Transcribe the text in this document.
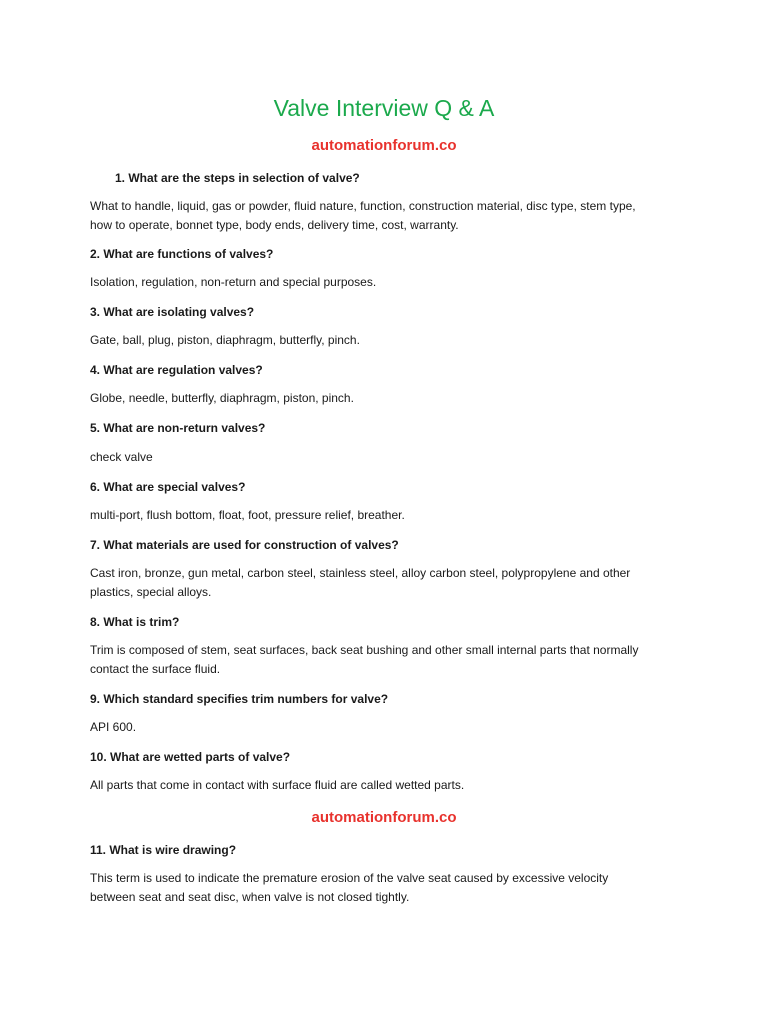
Valve Interview Q & A
automationforum.co
1. What are the steps in selection of valve?
What to handle, liquid, gas or powder, fluid nature, function, construction material, disc type, stem type,
how to operate, bonnet type, body ends, delivery time, cost, warranty.
2. What are functions of valves?
Isolation, regulation, non-return and special purposes.
3. What are isolating valves?
Gate, ball, plug, piston, diaphragm, butterfly, pinch.
4. What are regulation valves?
Globe, needle, butterfly, diaphragm, piston, pinch.
5. What are non-return valves?
check valve
6. What are special valves?
multi-port, flush bottom, float, foot, pressure relief, breather.
7. What materials are used for construction of valves?
Cast iron, bronze, gun metal, carbon steel, stainless steel, alloy carbon steel, polypropylene and other
plastics, special alloys.
8. What is trim?
Trim is composed of stem, seat surfaces, back seat bushing and other small internal parts that normally
contact the surface fluid.
9. Which standard specifies trim numbers for valve?
API 600.
10. What are wetted parts of valve?
All parts that come in contact with surface fluid are called wetted parts.
automationforum.co
11. What is wire drawing?
This term is used to indicate the premature erosion of the valve seat caused by excessive velocity
between seat and seat disc, when valve is not closed tightly.
